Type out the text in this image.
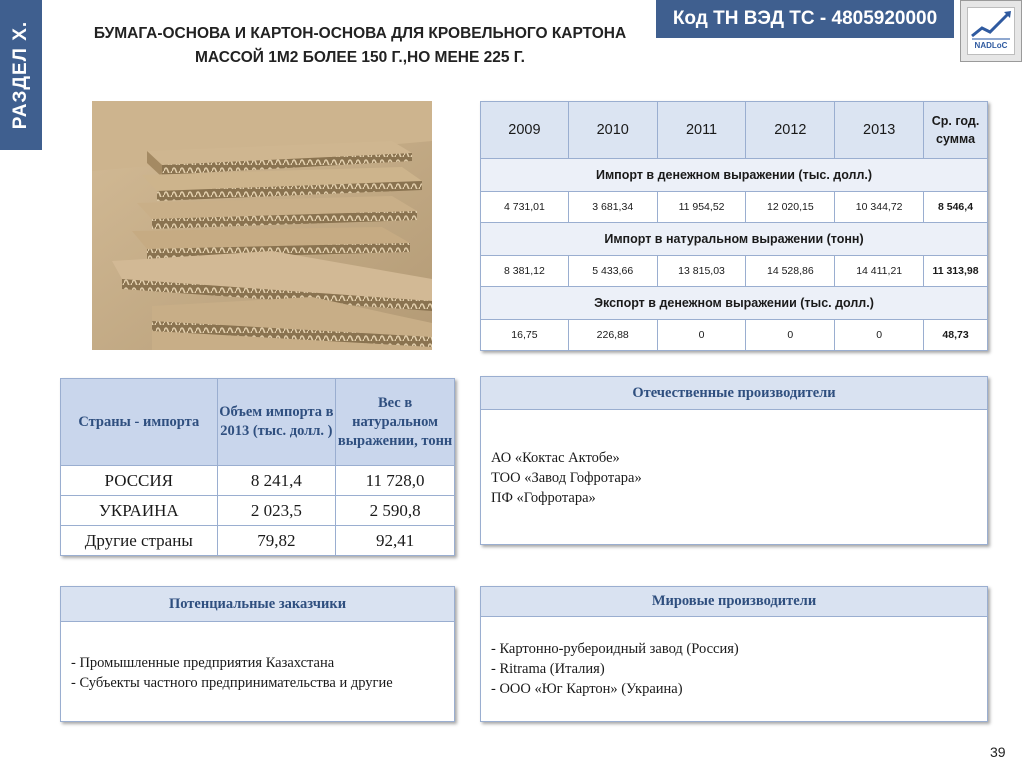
РАЗДЕЛ X.	БУМАГА-ОСНОВА И КАРТОН-ОСНОВА ДЛЯ КРОВЕЛЬНОГО КАРТОНА
МАССОЙ 1М2 БОЛЕЕ 150 Г.,НО МЕНЕ 225 Г.
Код ТН ВЭД ТС - 4805920000
NADLoC
2009	2010	2011	2012	2013	Ср. год. сумма
Импорт в денежном выражении (тыс. долл.)					
4 731,01	3 681,34	11 954,52	12 020,15	10 344,72	8 546,4
Импорт в натуральном выражении (тонн)					
8 381,12	5 433,66	13 815,03	14 528,86	14 411,21	11 313,98
Экспорт в денежном выражении (тыс. долл.)					
16,75	226,88	0	0	0	48,73
Страны - импорта	Объем импорта в 2013 (тыс. долл. )	Вес в натуральном выражении, тонн
РОССИЯ	8 241,4	11 728,0
УКРАИНА	2 023,5	2 590,8
Другие страны	79,82	92,41
Отечественные производители
АО «Коктас Актобе»
ТОО «Завод Гофротара»
ПФ «Гофротара»
Потенциальные заказчики
- Промышленные предприятия Казахстана
- Субъекты частного предпринимательства и другие
Мировые производители
- Картонно-рубероидный завод (Россия)
- Ritrama (Италия)
- ООО «Юг Картон» (Украина)
39
